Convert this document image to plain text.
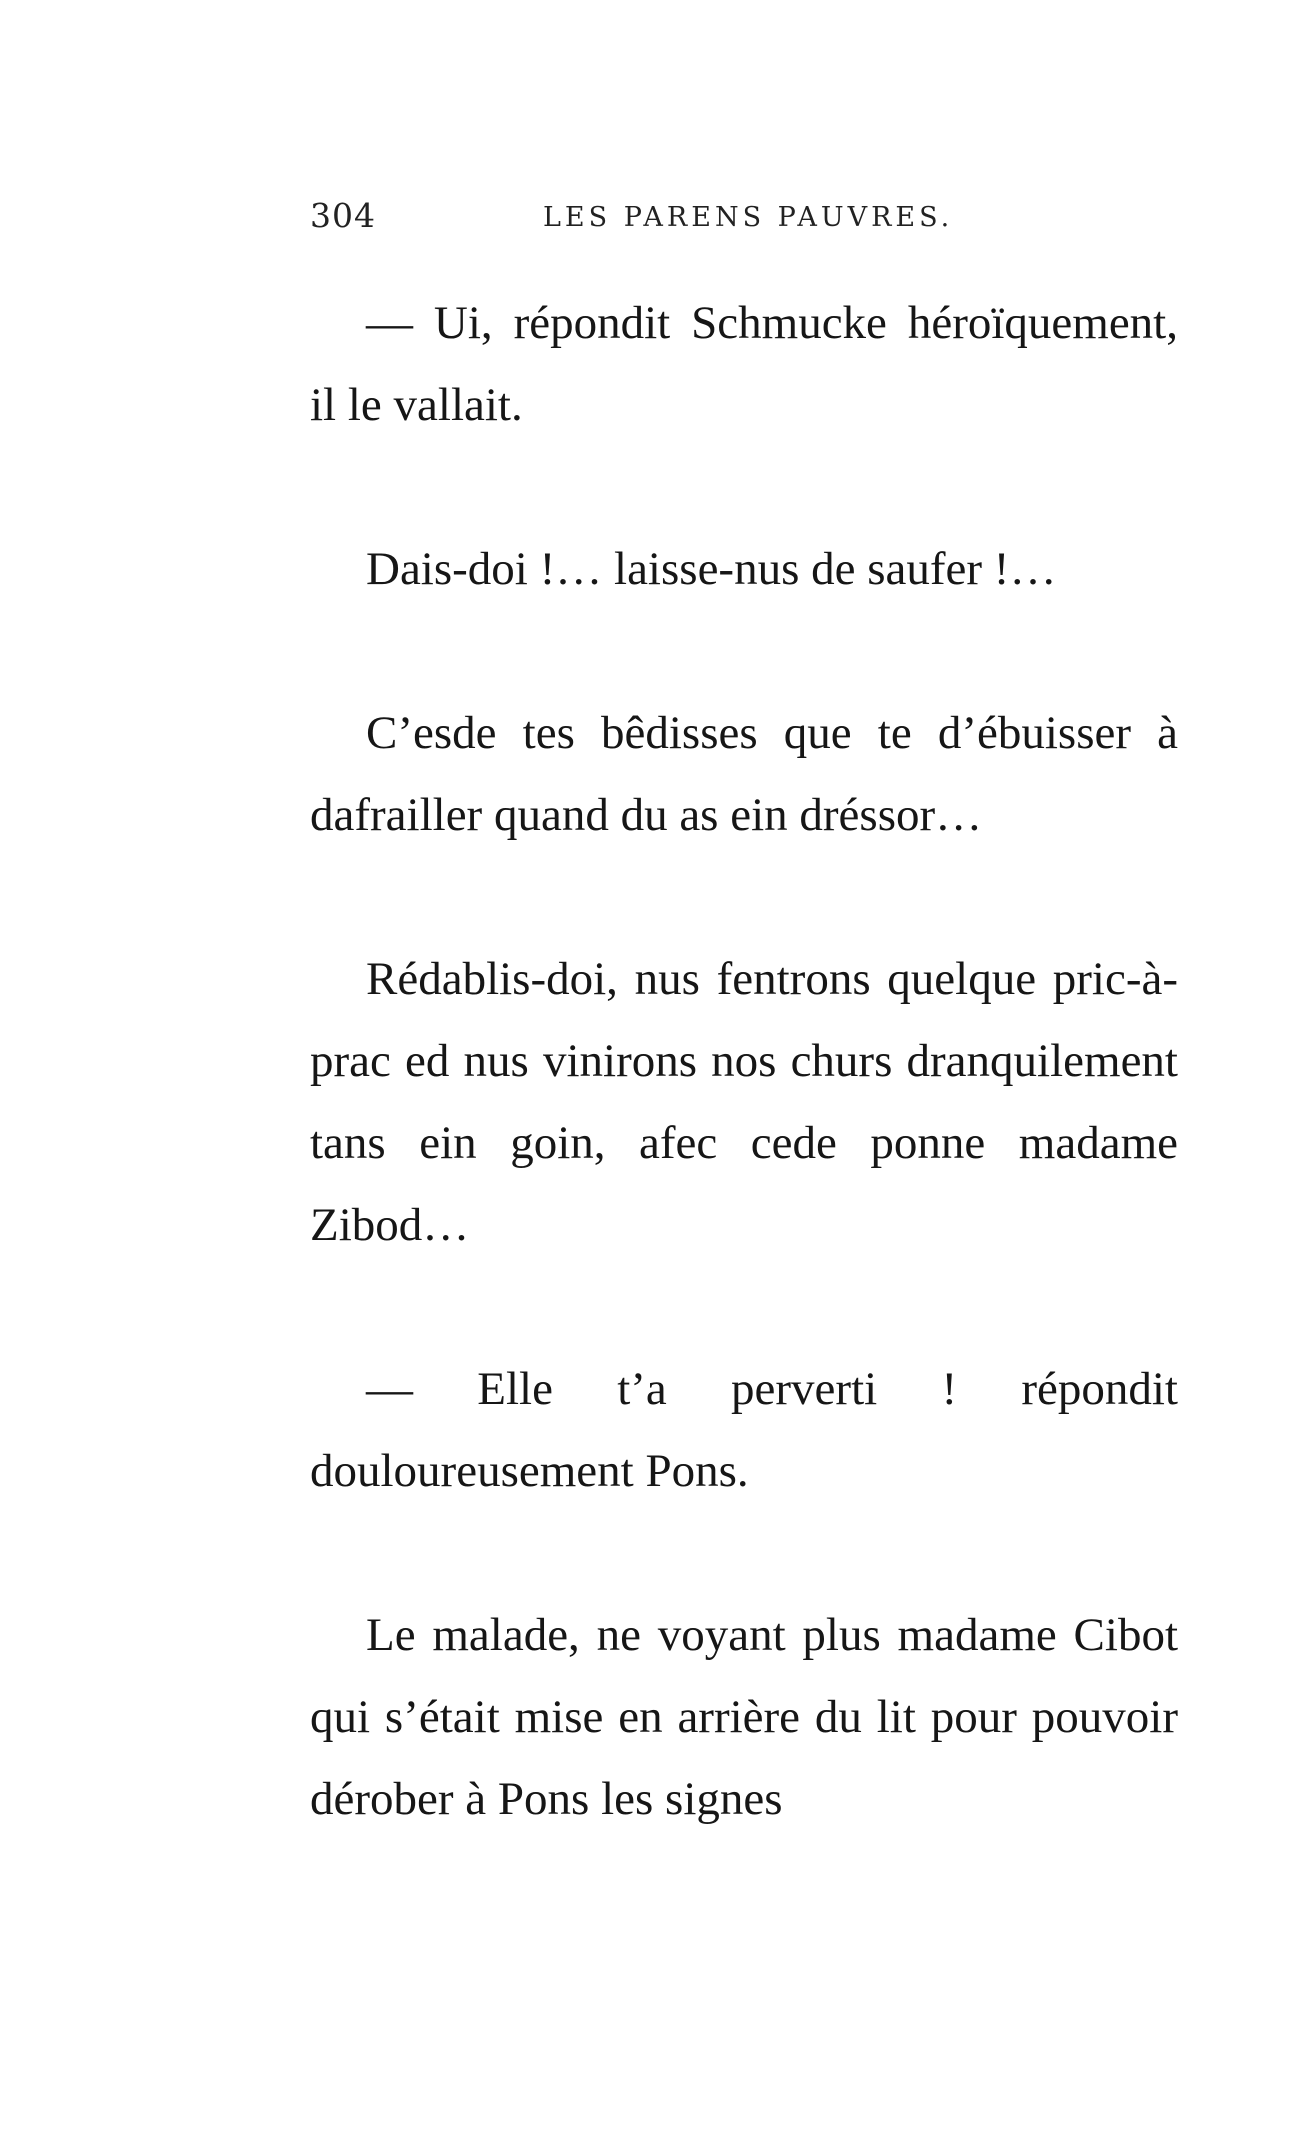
304	LES PARENS PAUVRES.

— Ui, répondit Schmucke héroïquement, il le vallait.

Dais-doi !… laisse-nus de saufer !…

C’esde tes bêdisses que te d’ébuisser à dafrailler quand du as ein dréssor…

Rédablis-doi, nus fentrons quelque pric-à-prac ed nus vinirons nos churs dranquilement tans ein goin, afec cede ponne madame Zibod…

— Elle t’a perverti ! répondit douloureusement Pons.

Le malade, ne voyant plus madame Cibot qui s’était mise en arrière du lit pour pouvoir dérober à Pons les signes
